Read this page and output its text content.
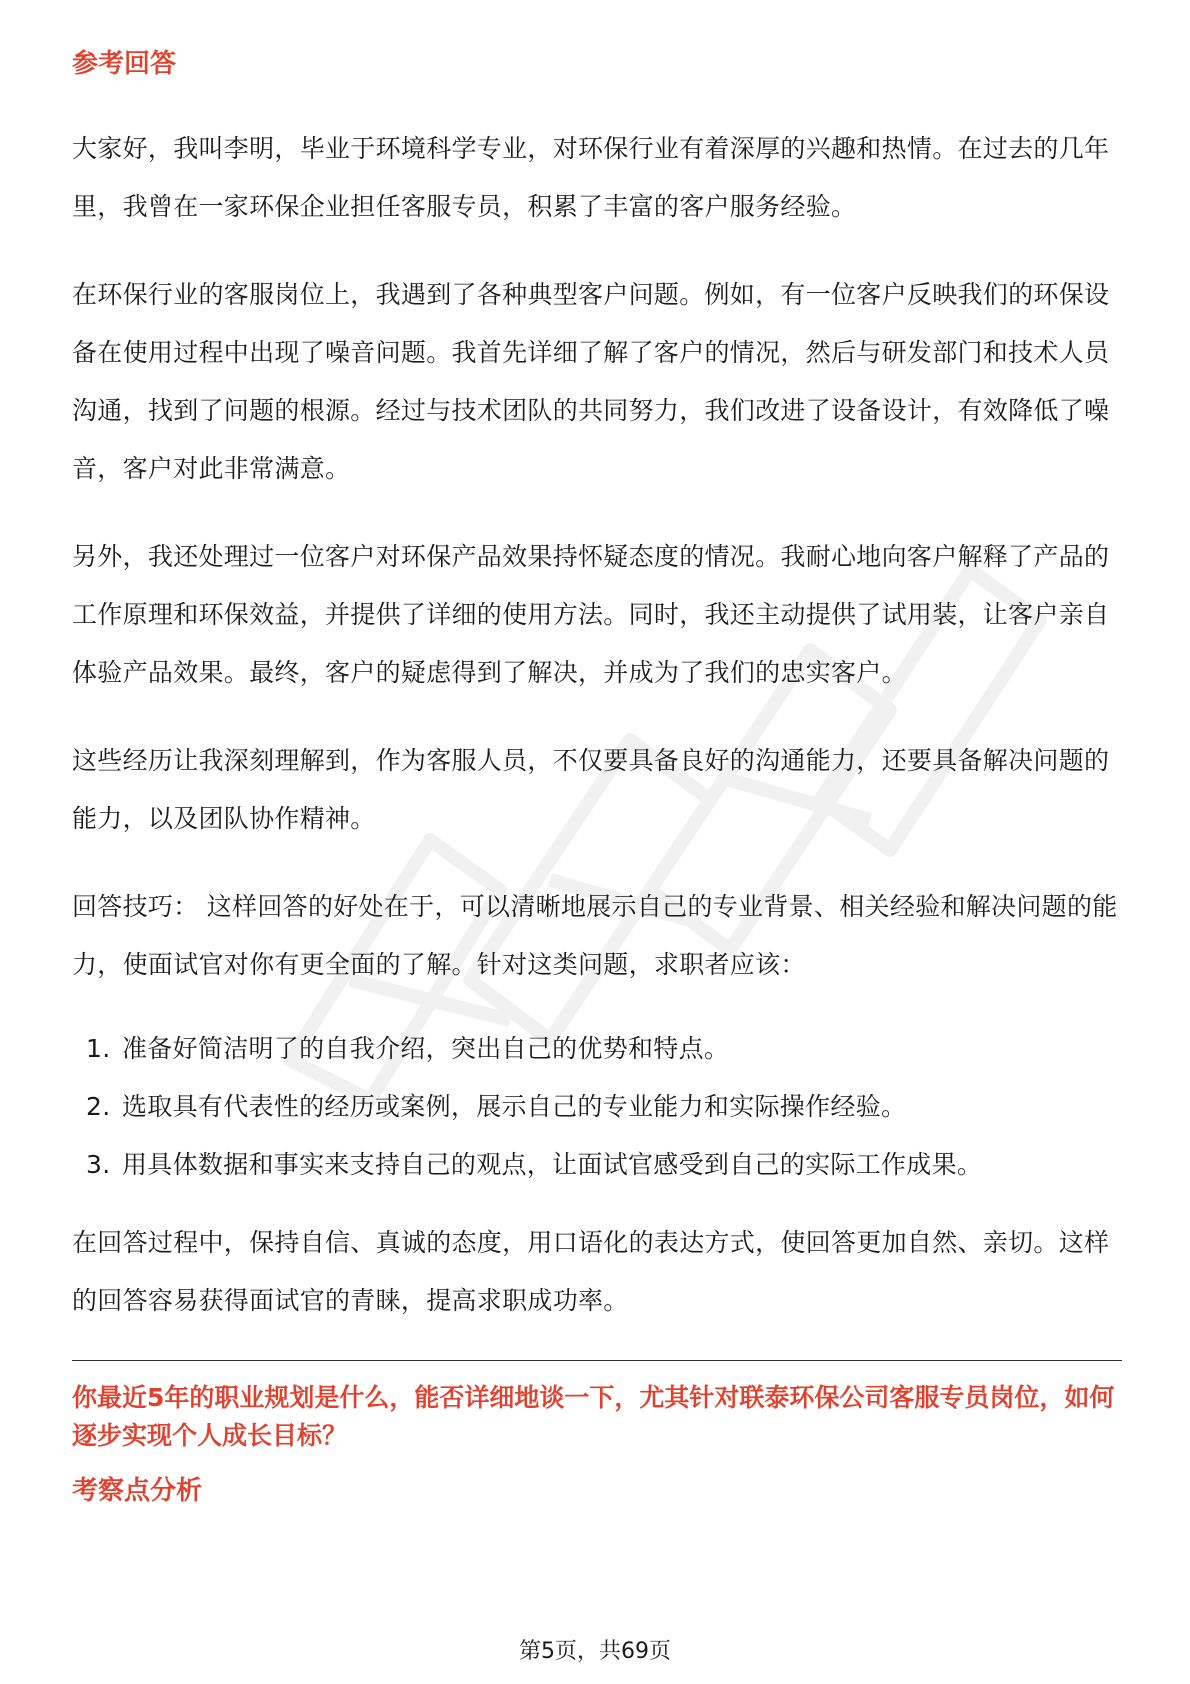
参考回答

大家好，我叫李明，毕业于环境科学专业，对环保行业有着深厚的兴趣和热情。在过去的几年里，我曾在一家环保企业担任客服专员，积累了丰富的客户服务经验。

在环保行业的客服岗位上，我遇到了各种典型客户问题。例如，有一位客户反映我们的环保设备在使用过程中出现了噪音问题。我首先详细了解了客户的情况，然后与研发部门和技术人员沟通，找到了问题的根源。经过与技术团队的共同努力，我们改进了设备设计，有效降低了噪音，客户对此非常满意。

另外，我还处理过一位客户对环保产品效果持怀疑态度的情况。我耐心地向客户解释了产品的工作原理和环保效益，并提供了详细的使用方法。同时，我还主动提供了试用装，让客户亲自体验产品效果。最终，客户的疑虑得到了解决，并成为了我们的忠实客户。

这些经历让我深刻理解到，作为客服人员，不仅要具备良好的沟通能力，还要具备解决问题的能力，以及团队协作精神。

回答技巧： 这样回答的好处在于，可以清晰地展示自己的专业背景、相关经验和解决问题的能力，使面试官对你有更全面的了解。针对这类问题，求职者应该：

1. 准备好简洁明了的自我介绍，突出自己的优势和特点。
2. 选取具有代表性的经历或案例，展示自己的专业能力和实际操作经验。
3. 用具体数据和事实来支持自己的观点，让面试官感受到自己的实际工作成果。

在回答过程中，保持自信、真诚的态度，用口语化的表达方式，使回答更加自然、亲切。这样的回答容易获得面试官的青睐，提高求职成功率。

你最近5年的职业规划是什么，能否详细地谈一下，尤其针对联泰环保公司客服专员岗位，如何逐步实现个人成长目标？

考察点分析
第5页，共69页
